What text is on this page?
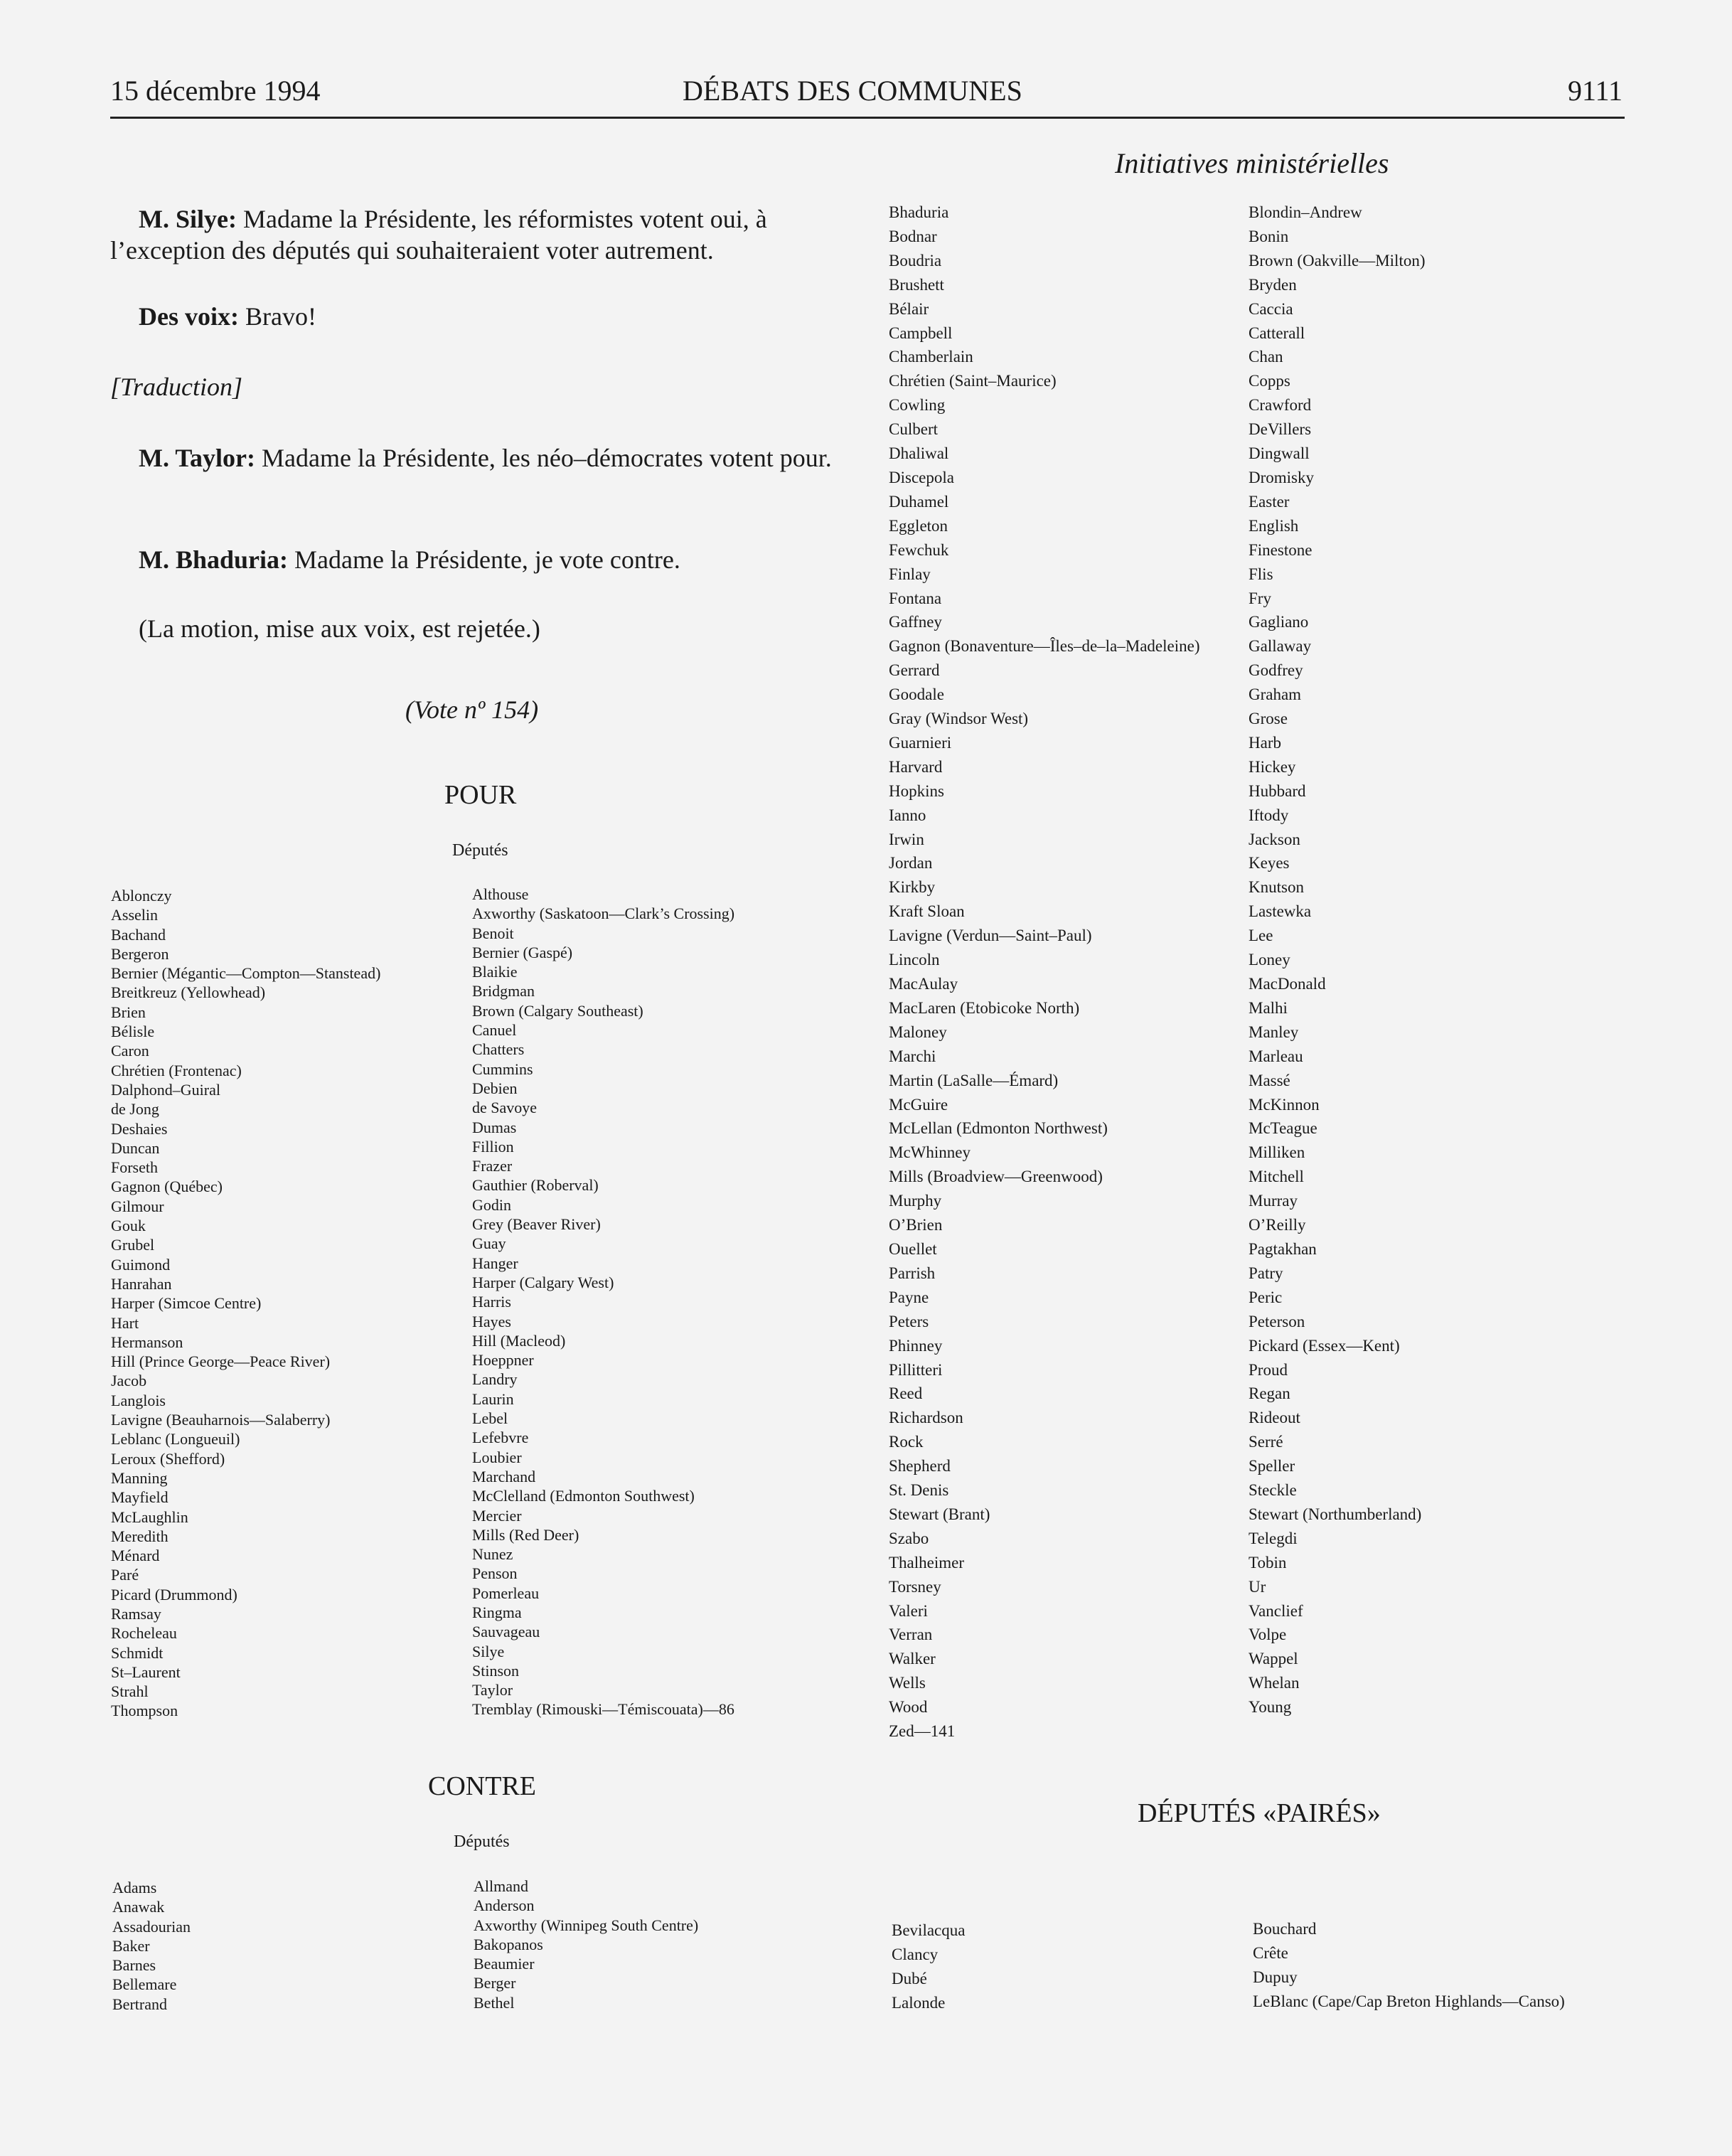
15 décembre 1994	DÉBATS DES COMMUNES	9111
Initiatives ministérielles
M. Silye: Madame la Présidente, les réformistes votent oui, à l’exception des députés qui souhaiteraient voter autrement.
Des voix: Bravo!
[Traduction]
M. Taylor: Madame la Présidente, les néo–démocrates votent pour.
M. Bhaduria: Madame la Présidente, je vote contre.
(La motion, mise aux voix, est rejetée.)
(Vote nº 154)
POUR
Députés
Ablonczy
Asselin
Bachand
Bergeron
Bernier (Mégantic—Compton—Stanstead)
Breitkreuz (Yellowhead)
Brien
Bélisle
Caron
Chrétien (Frontenac)
Dalphond–Guiral
de Jong
Deshaies
Duncan
Forseth
Gagnon (Québec)
Gilmour
Gouk
Grubel
Guimond
Hanrahan
Harper (Simcoe Centre)
Hart
Hermanson
Hill (Prince George—Peace River)
Jacob
Langlois
Lavigne (Beauharnois—Salaberry)
Leblanc (Longueuil)
Leroux (Shefford)
Manning
Mayfield
McLaughlin
Meredith
Ménard
Paré
Picard (Drummond)
Ramsay
Rocheleau
Schmidt
St–Laurent
Strahl
Thompson
Althouse
Axworthy (Saskatoon—Clark’s Crossing)
Benoit
Bernier (Gaspé)
Blaikie
Bridgman
Brown (Calgary Southeast)
Canuel
Chatters
Cummins
Debien
de Savoye
Dumas
Fillion
Frazer
Gauthier (Roberval)
Godin
Grey (Beaver River)
Guay
Hanger
Harper (Calgary West)
Harris
Hayes
Hill (Macleod)
Hoeppner
Landry
Laurin
Lebel
Lefebvre
Loubier
Marchand
McClelland (Edmonton Southwest)
Mercier
Mills (Red Deer)
Nunez
Penson
Pomerleau
Ringma
Sauvageau
Silye
Stinson
Taylor
Tremblay (Rimouski—Témiscouata)—86
CONTRE
Députés
Adams
Anawak
Assadourian
Baker
Barnes
Bellemare
Bertrand
Allmand
Anderson
Axworthy (Winnipeg South Centre)
Bakopanos
Beaumier
Berger
Bethel
Bhaduria
Bodnar
Boudria
Brushett
Bélair
Campbell
Chamberlain
Chrétien (Saint–Maurice)
Cowling
Culbert
Dhaliwal
Discepola
Duhamel
Eggleton
Fewchuk
Finlay
Fontana
Gaffney
Gagnon (Bonaventure—Îles–de–la–Madeleine)
Gerrard
Goodale
Gray (Windsor West)
Guarnieri
Harvard
Hopkins
Ianno
Irwin
Jordan
Kirkby
Kraft Sloan
Lavigne (Verdun—Saint–Paul)
Lincoln
MacAulay
MacLaren (Etobicoke North)
Maloney
Marchi
Martin (LaSalle—Émard)
McGuire
McLellan (Edmonton Northwest)
McWhinney
Mills (Broadview—Greenwood)
Murphy
O’Brien
Ouellet
Parrish
Payne
Peters
Phinney
Pillitteri
Reed
Richardson
Rock
Shepherd
St. Denis
Stewart (Brant)
Szabo
Thalheimer
Torsney
Valeri
Verran
Walker
Wells
Wood
Zed—141
Blondin–Andrew
Bonin
Brown (Oakville—Milton)
Bryden
Caccia
Catterall
Chan
Copps
Crawford
DeVillers
Dingwall
Dromisky
Easter
English
Finestone
Flis
Fry
Gagliano
Gallaway
Godfrey
Graham
Grose
Harb
Hickey
Hubbard
Iftody
Jackson
Keyes
Knutson
Lastewka
Lee
Loney
MacDonald
Malhi
Manley
Marleau
Massé
McKinnon
McTeague
Milliken
Mitchell
Murray
O’Reilly
Pagtakhan
Patry
Peric
Peterson
Pickard (Essex—Kent)
Proud
Regan
Rideout
Serré
Speller
Steckle
Stewart (Northumberland)
Telegdi
Tobin
Ur
Vanclief
Volpe
Wappel
Whelan
Young
DÉPUTÉS «PAIRÉS»
Bevilacqua
Clancy
Dubé
Lalonde
Bouchard
Crête
Dupuy
LeBlanc (Cape/Cap Breton Highlands—Canso)
